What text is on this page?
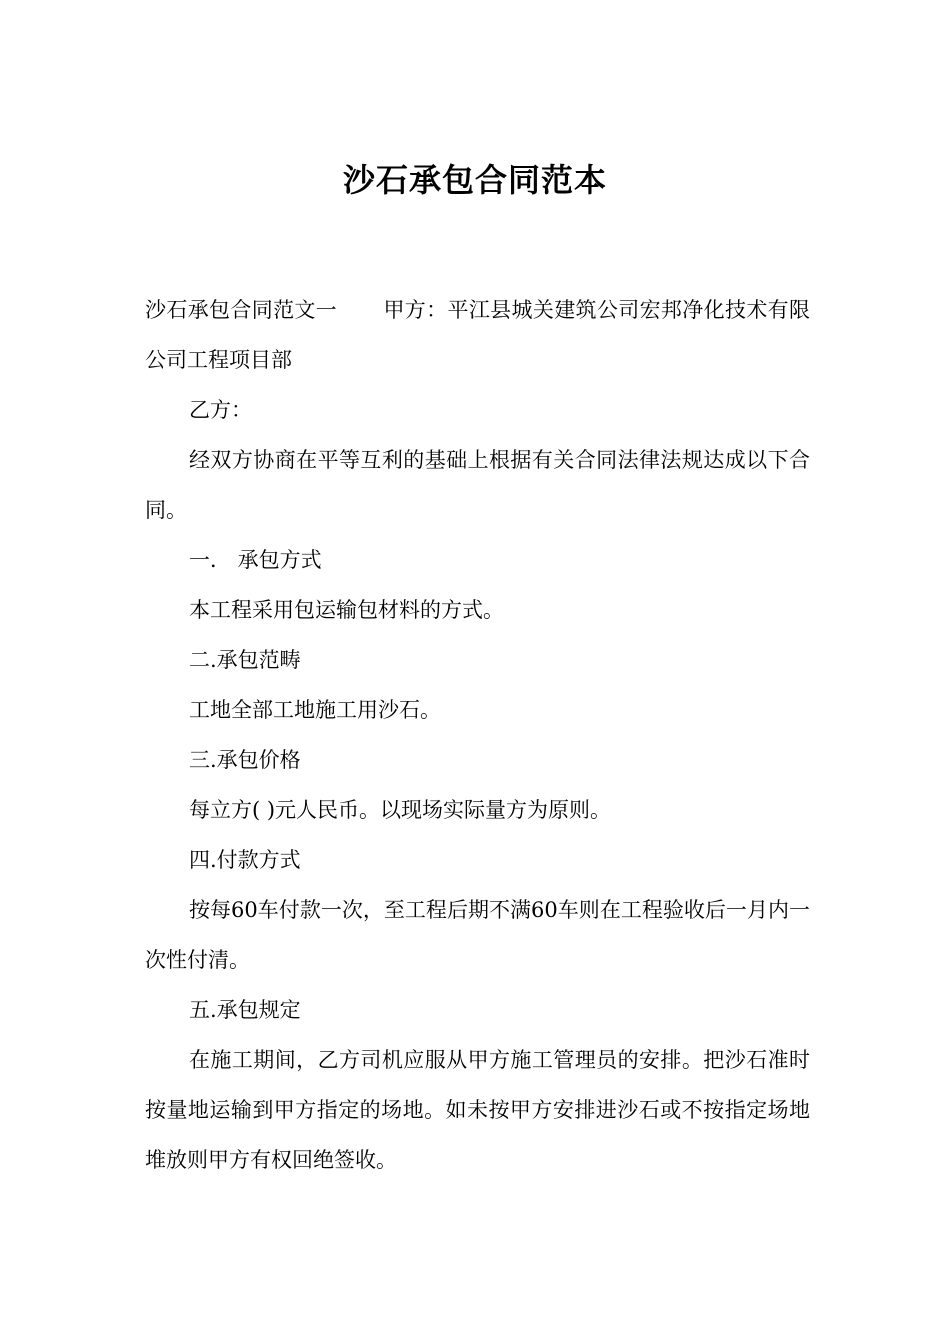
沙石承包合同范本

沙石承包合同范文一 甲方：平江县城关建筑公司宏邦净化技术有限公司工程项目部

乙方：

经双方协商在平等互利的基础上根据有关合同法律法规达成以下合同。

一． 承包方式

本工程采用包运输包材料的方式。

二.承包范畴

工地全部工地施工用沙石。

三.承包价格

每立方( )元人民币。以现场实际量方为原则。

四.付款方式

按每60车付款一次，至工程后期不满60车则在工程验收后一月内一次性付清。

五.承包规定

在施工期间，乙方司机应服从甲方施工管理员的安排。把沙石准时按量地运输到甲方指定的场地。如未按甲方安排进沙石或不按指定场地堆放则甲方有权回绝签收。
